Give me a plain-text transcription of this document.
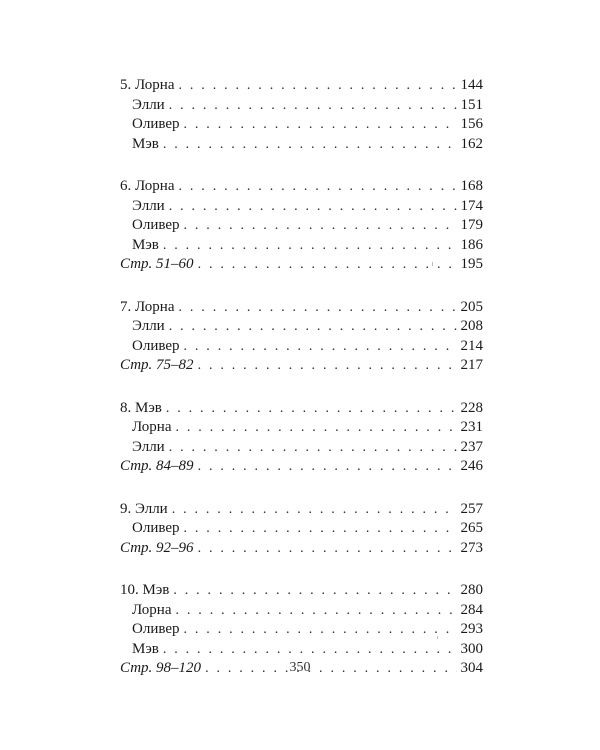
5. Лорна . . .	144
Элли . . .	151
Оливер . . .	156
Мэв . . .	162
6. Лорна . . .	168
Элли . . .	174
Оливер . . .	179
Мэв . . .	186
Стр. 51–60 . . .	195
7. Лорна . . .	205
Элли . . .	208
Оливер . . .	214
Стр. 75–82 . . .	217
8. Мэв . . .	228
Лорна . . .	231
Элли . . .	237
Стр. 84–89 . . .	246
9. Элли . . .	257
Оливер . . .	265
Стр. 92–96 . . .	273
10. Мэв . . .	280
Лорна . . .	284
Оливер . . .	293
Мэв . . .	300
Стр. 98–120 . . .	304
350
